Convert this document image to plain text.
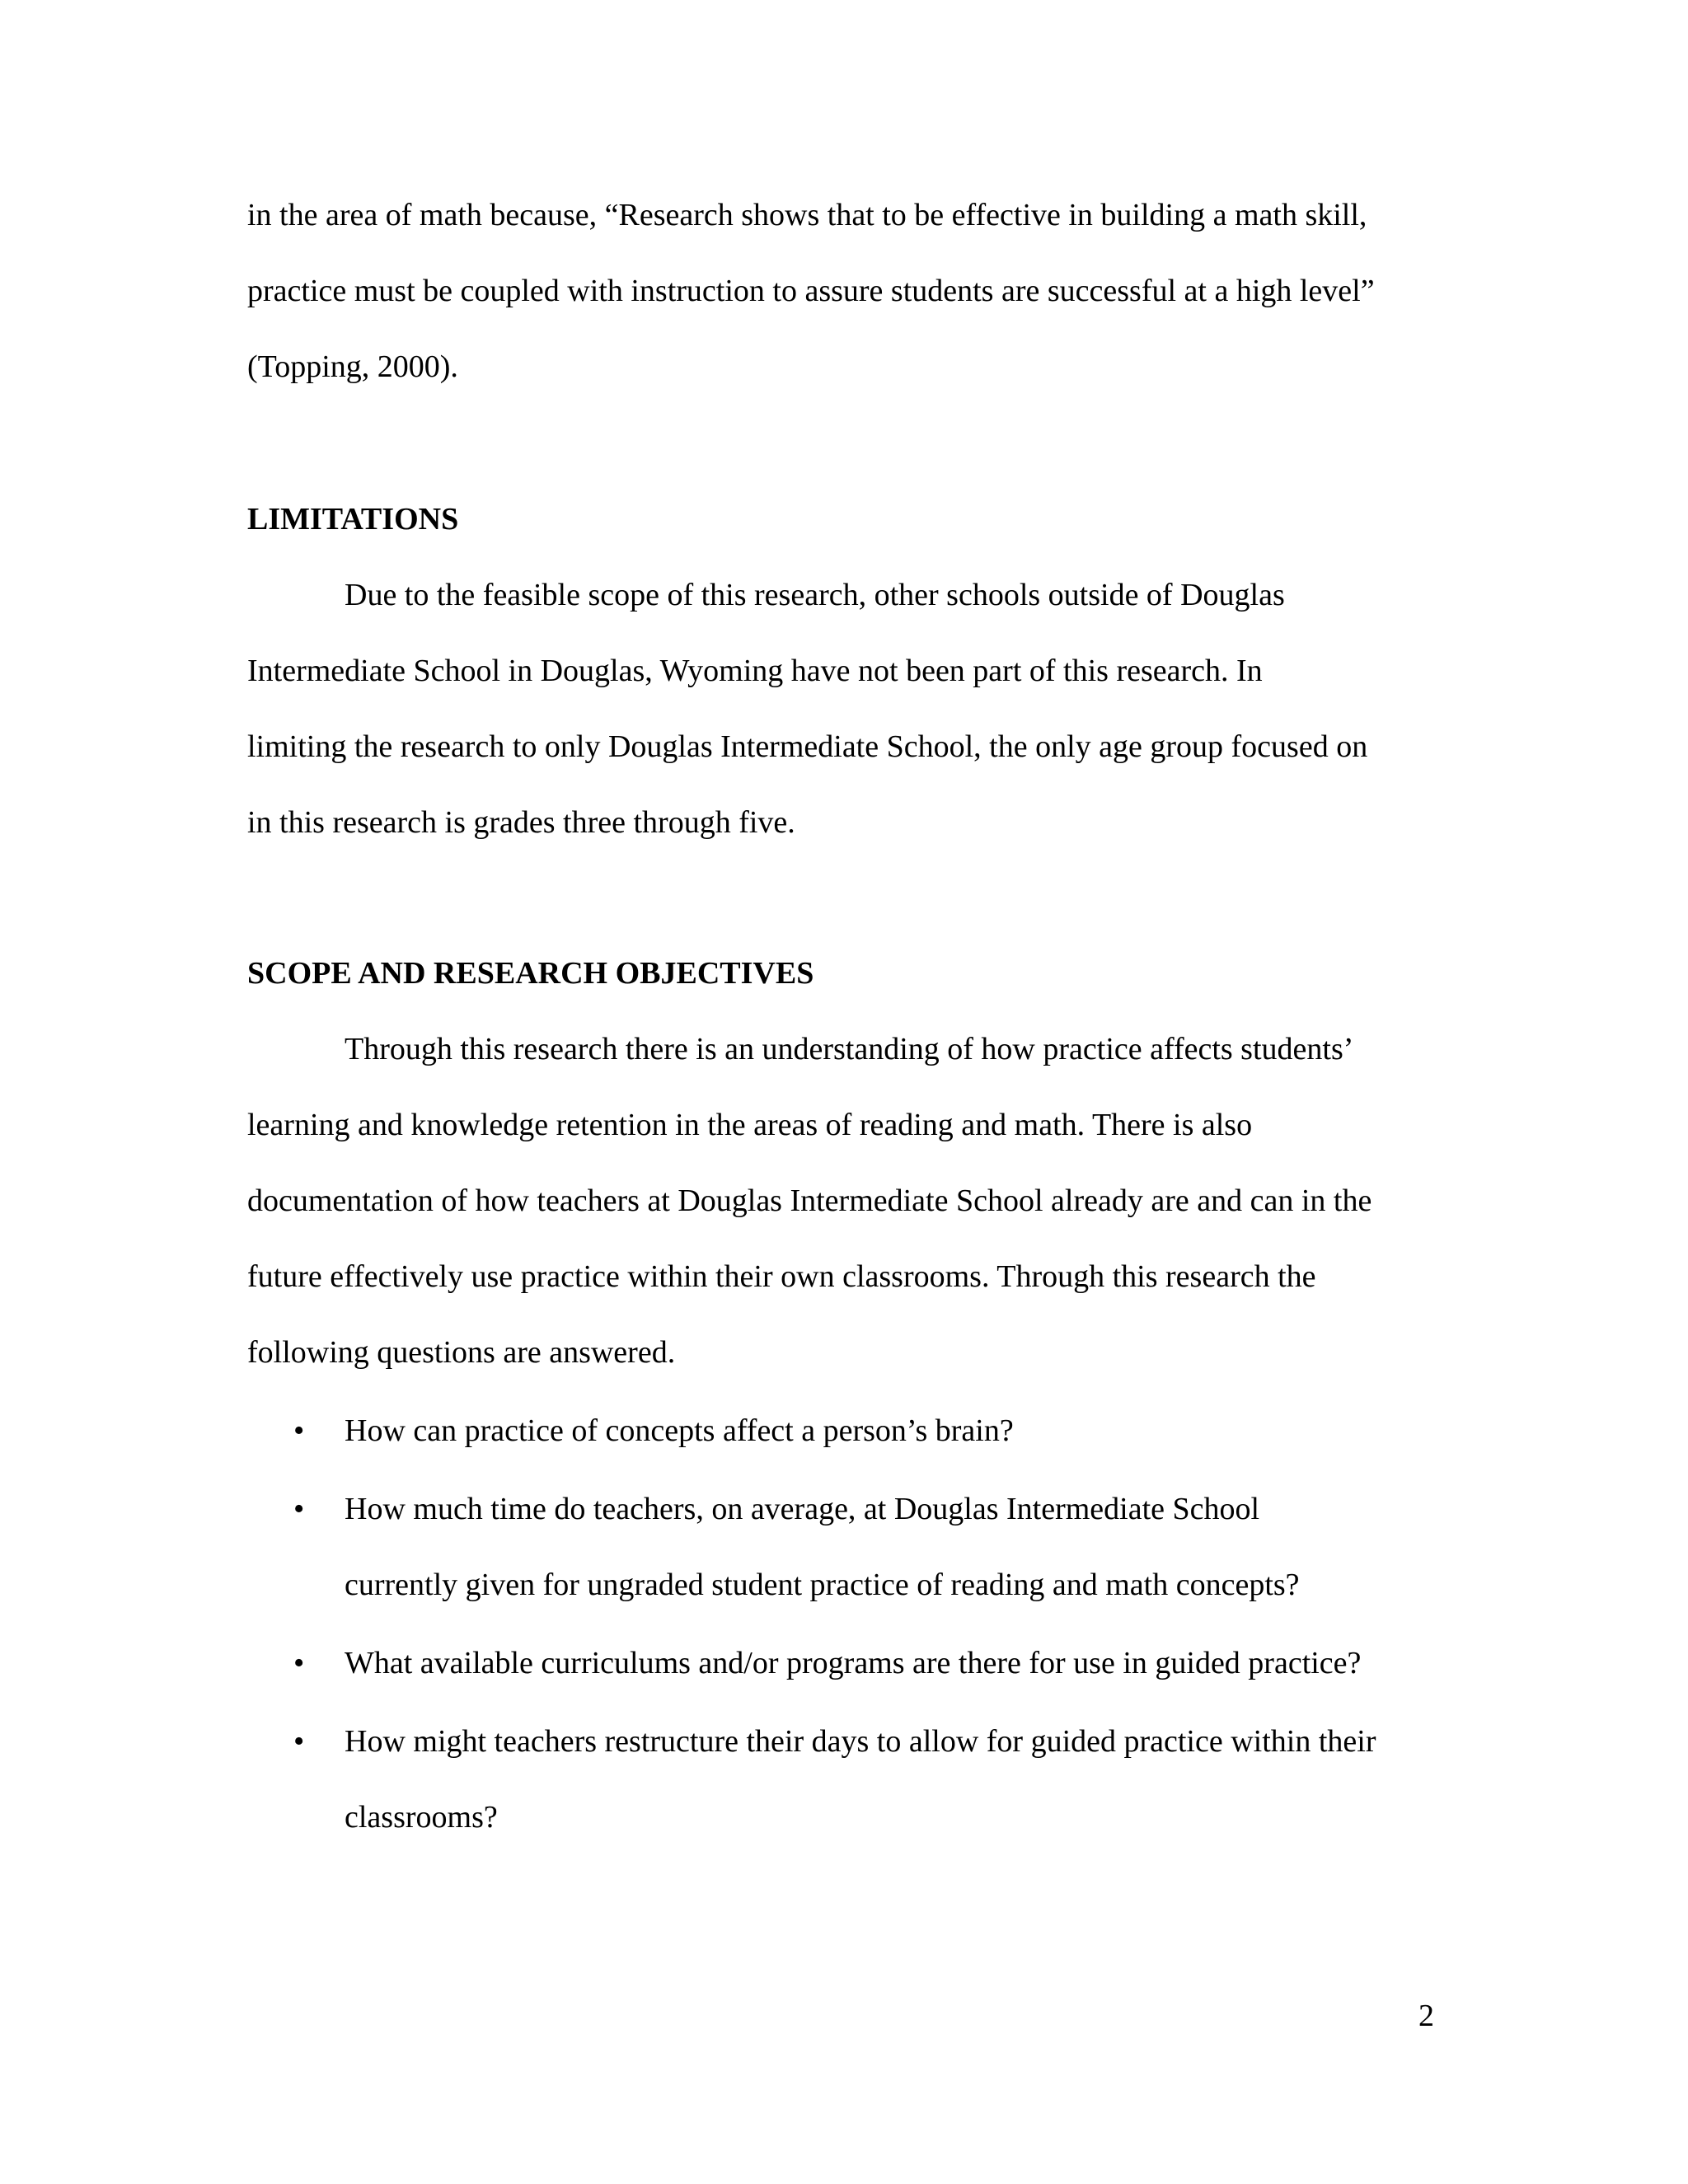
in the area of math because, “Research shows that to be effective in building a math skill,
practice must be coupled with instruction to assure students are successful at a high level”
(Topping, 2000).
LIMITATIONS
Due to the feasible scope of this research, other schools outside of Douglas
Intermediate School in Douglas, Wyoming have not been part of this research. In
limiting the research to only Douglas Intermediate School, the only age group focused on
in this research is grades three through five.
SCOPE AND RESEARCH OBJECTIVES
Through this research there is an understanding of how practice affects students’
learning and knowledge retention in the areas of reading and math. There is also
documentation of how teachers at Douglas Intermediate School already are and can in the
future effectively use practice within their own classrooms. Through this research the
following questions are answered.
• How can practice of concepts affect a person’s brain?
• How much time do teachers, on average, at Douglas Intermediate School
currently given for ungraded student practice of reading and math concepts?
• What available curriculums and/or programs are there for use in guided practice?
• How might teachers restructure their days to allow for guided practice within their
classrooms?
2
